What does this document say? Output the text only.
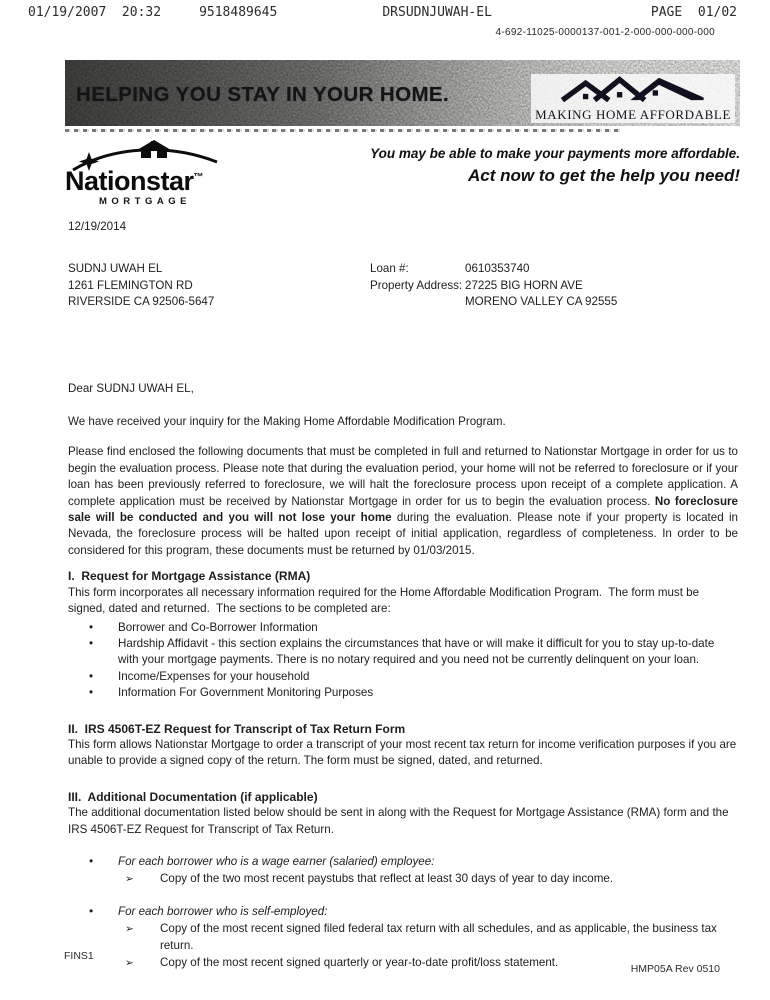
01/19/2007  20:32	9518489645	DRSUDNJUWAH-EL	PAGE  01/02
4-692-11025-0000137-001-2-000-000-000-000
HELPING YOU STAY IN YOUR HOME.
MAKING HOME AFFORDABLE
Nationstar™
MORTGAGE
You may be able to make your payments more affordable.
Act now to get the help you need!
12/19/2014
SUDNJ UWAH EL
1261 FLEMINGTON RD
RIVERSIDE CA 92506-5647
Loan #:	0610353740
Property Address: 27225 BIG HORN AVE
MORENO VALLEY CA 92555
Dear SUDNJ UWAH EL,
We have received your inquiry for the Making Home Affordable Modification Program.
Please find enclosed the following documents that must be completed in full and returned to Nationstar Mortgage in order for us to begin the evaluation process. Please note that during the evaluation period, your home will not be referred to foreclosure or if your loan has been previously referred to foreclosure, we will halt the foreclosure process upon receipt of a complete application. A complete application must be received by Nationstar Mortgage in order for us to begin the evaluation process. No foreclosure sale will be conducted and you will not lose your home during the evaluation. Please note if your property is located in Nevada, the foreclosure process will be halted upon receipt of initial application, regardless of completeness. In order to be considered for this program, these documents must be returned by 01/03/2015.
I.  Request for Mortgage Assistance (RMA)
This form incorporates all necessary information required for the Home Affordable Modification Program.  The form must be signed, dated and returned.  The sections to be completed are:
• Borrower and Co-Borrower Information
• Hardship Affidavit - this section explains the circumstances that have or will make it difficult for you to stay up-to-date with your mortgage payments. There is no notary required and you need not be currently delinquent on your loan.
• Income/Expenses for your household
• Information For Government Monitoring Purposes
II.  IRS 4506T-EZ Request for Transcript of Tax Return Form
This form allows Nationstar Mortgage to order a transcript of your most recent tax return for income verification purposes if you are unable to provide a signed copy of the return. The form must be signed, dated, and returned.
III.  Additional Documentation (if applicable)
The additional documentation listed below should be sent in along with the Request for Mortgage Assistance (RMA) form and the IRS 4506T-EZ Request for Transcript of Tax Return.
• For each borrower who is a wage earner (salaried) employee:
➢ Copy of the two most recent paystubs that reflect at least 30 days of year to day income.
• For each borrower who is self-employed:
➢ Copy of the most recent signed filed federal tax return with all schedules, and as applicable, the business tax return.
➢ Copy of the most recent signed quarterly or year-to-date profit/loss statement.
FINS1
HMP05A Rev 0510
